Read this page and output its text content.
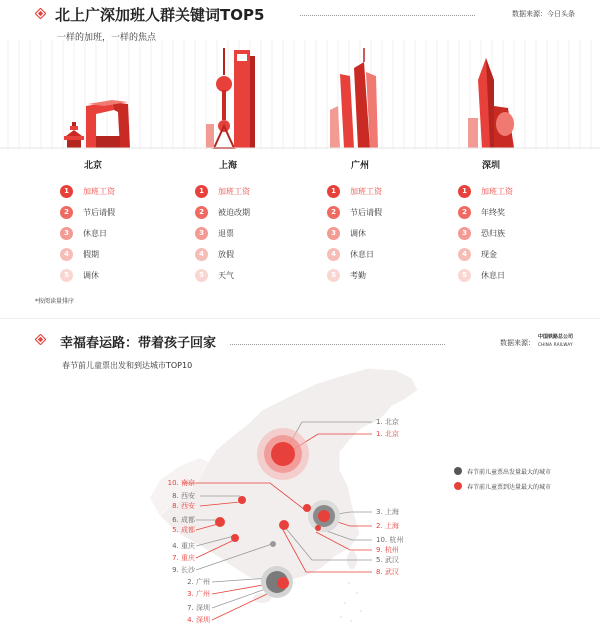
北上广深加班人群关键词TOP5	数据来源：今日头条
一样的加班，一样的焦点
北京
1	加班工资
2	节后请假
3	休息日
4	假期
5	调休
上海
1	加班工资
2	被迫改期
3	退票
4	放假
5	天气
广州
1	加班工资
2	节后请假
3	调休
4	休息日
5	考勤
深圳
1	加班工资
2	年终奖
3	恐归族
4	现金
5	休息日
*按阅读量排序
幸福春运路：带着孩子回家	数据来源：
中国铁路总公司
CHINA RAILWAY
春节前儿童票出发和到达城市TOP10
春节前儿童票出发量最大的城市
春节前儿童票到达量最大的城市
1. 北京
1. 北京
3. 上海
2. 上海
10. 杭州
9. 杭州
5. 武汉
8. 武汉
10. 南京
8. 西安
8. 西安
6. 成都
5. 成都
4. 重庆
7. 重庆
9. 长沙
2. 广州
3. 广州
7. 深圳
4. 深圳
